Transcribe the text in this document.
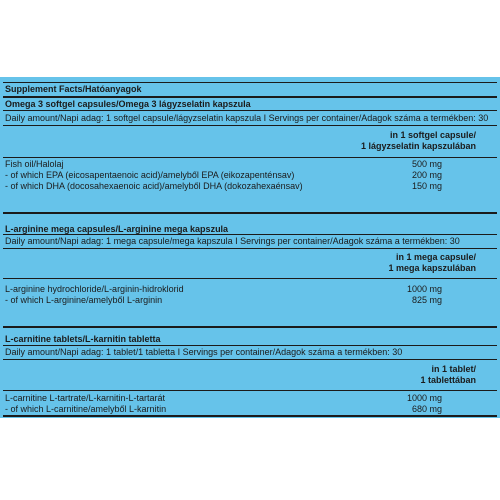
Supplement Facts/Hatóanyagok
Omega 3 softgel capsules/Omega 3 lágyzselatin kapszula
Daily amount/Napi adag: 1 softgel capsule/lágyzselatin kapszula I Servings per container/Adagok száma a termékben: 30
in 1 softgel capsule/
1 lágyzselatin kapszulában
Fish oil/Halolaj	500 mg
- of which EPA (eicosapentaenoic acid)/amelyből EPA (eikozapenténsav)	200 mg
- of which DHA (docosahexaenoic acid)/amelyből DHA (dokozahexaénsav)	150 mg
L-arginine mega capsules/L-arginine mega kapszula
Daily amount/Napi adag: 1 mega capsule/mega kapszula I Servings per container/Adagok száma a termékben: 30
in 1 mega capsule/
1 mega kapszulában
L-arginine hydrochloride/L-arginin-hidroklorid	1000 mg
- of which L-arginine/amelyből L-arginin	825 mg
L-carnitine tablets/L-karnitin tabletta
Daily amount/Napi adag: 1 tablet/1 tabletta I Servings per container/Adagok száma a termékben: 30
in 1 tablet/
1 tablettában
L-carnitine L-tartrate/L-karnitin-L-tartarát	1000 mg
- of which L-carnitine/amelyből L-karnitin	680 mg
